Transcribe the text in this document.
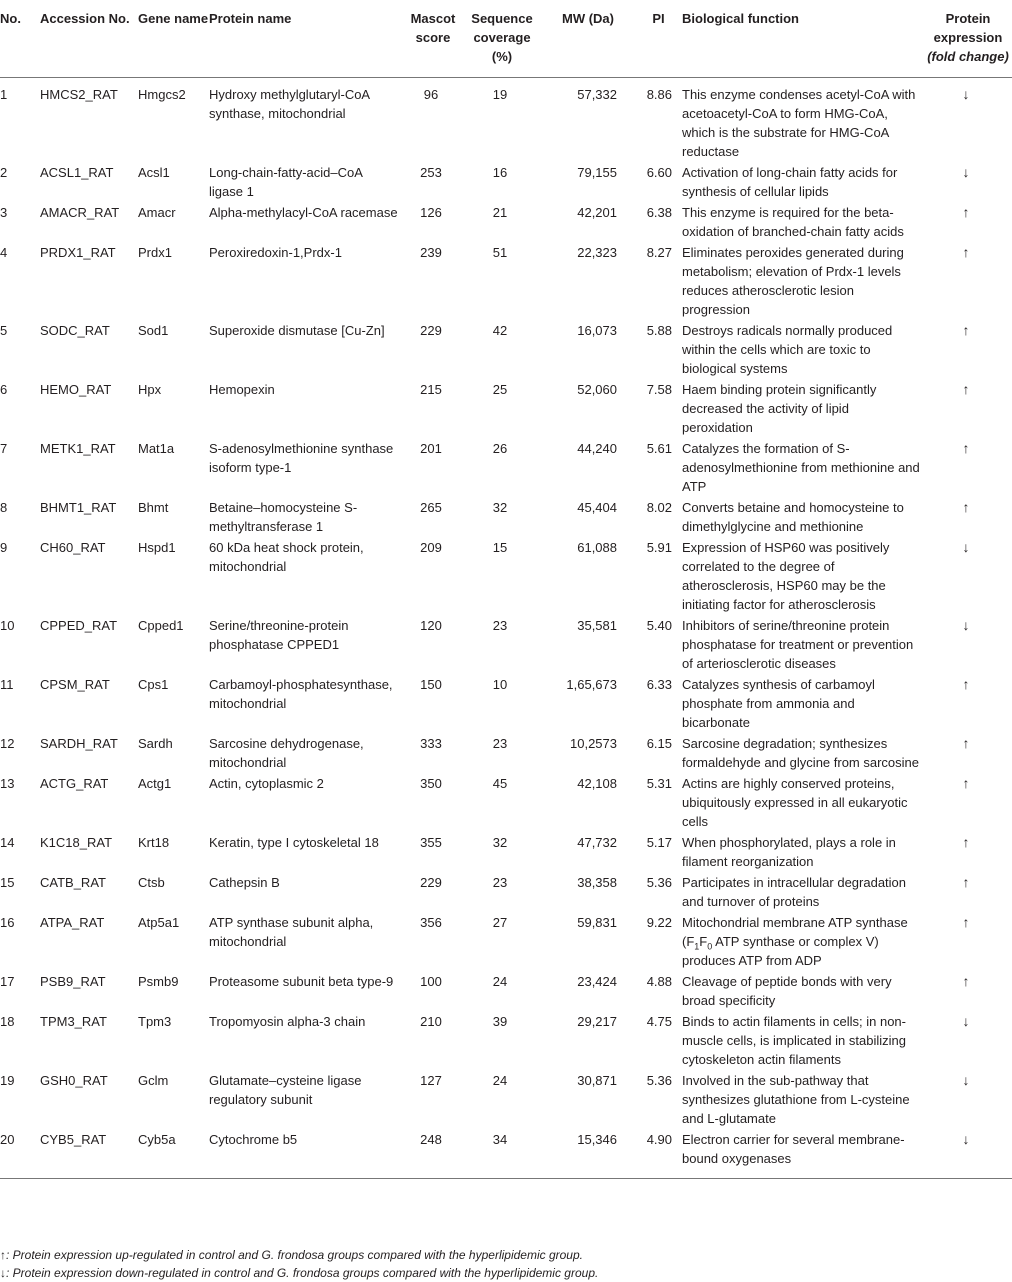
No.	Accession No.	Gene name	Protein name	Mascot score	Sequence coverage (%)	MW (Da)	PI	Biological function	Protein expression
(fold change)
1	HMCS2_RAT	Hmgcs2	Hydroxy methylglutaryl-CoA synthase, mitochondrial	96	19	57,332	8.86	This enzyme condenses acetyl-CoA with acetoacetyl-CoA to form HMG-CoA, which is the substrate for HMG-CoA reductase	↓
2	ACSL1_RAT	Acsl1	Long-chain-fatty-acid–CoA ligase 1	253	16	79,155	6.60	Activation of long-chain fatty acids for synthesis of cellular lipids	↓
3	AMACR_RAT	Amacr	Alpha-methylacyl-CoA racemase	126	21	42,201	6.38	This enzyme is required for the beta-oxidation of branched-chain fatty acids	↑
4	PRDX1_RAT	Prdx1	Peroxiredoxin-1,Prdx-1	239	51	22,323	8.27	Eliminates peroxides generated during metabolism; elevation of Prdx-1 levels reduces atherosclerotic lesion progression	↑
5	SODC_RAT	Sod1	Superoxide dismutase [Cu-Zn]	229	42	16,073	5.88	Destroys radicals normally produced within the cells which are toxic to biological systems	↑
6	HEMO_RAT	Hpx	Hemopexin	215	25	52,060	7.58	Haem binding protein significantly decreased the activity of lipid peroxidation	↑
7	METK1_RAT	Mat1a	S-adenosylmethionine synthase isoform type-1	201	26	44,240	5.61	Catalyzes the formation of S-adenosylmethionine from methionine and ATP	↑
8	BHMT1_RAT	Bhmt	Betaine–homocysteine S-methyltransferase 1	265	32	45,404	8.02	Converts betaine and homocysteine to dimethylglycine and methionine	↑
9	CH60_RAT	Hspd1	60 kDa heat shock protein, mitochondrial	209	15	61,088	5.91	Expression of HSP60 was positively correlated to the degree of atherosclerosis, HSP60 may be the initiating factor for atherosclerosis	↓
10	CPPED_RAT	Cpped1	Serine/threonine-protein phosphatase CPPED1	120	23	35,581	5.40	Inhibitors of serine/threonine protein phosphatase for treatment or prevention of arteriosclerotic diseases	↓
11	CPSM_RAT	Cps1	Carbamoyl-phosphatesynthase, mitochondrial	150	10	1,65,673	6.33	Catalyzes synthesis of carbamoyl phosphate from ammonia and bicarbonate	↑
12	SARDH_RAT	Sardh	Sarcosine dehydrogenase, mitochondrial	333	23	10,2573	6.15	Sarcosine degradation; synthesizes formaldehyde and glycine from sarcosine	↑
13	ACTG_RAT	Actg1	Actin, cytoplasmic 2	350	45	42,108	5.31	Actins are highly conserved proteins, ubiquitously expressed in all eukaryotic cells	↑
14	K1C18_RAT	Krt18	Keratin, type I cytoskeletal 18	355	32	47,732	5.17	When phosphorylated, plays a role in filament reorganization	↑
15	CATB_RAT	Ctsb	Cathepsin B	229	23	38,358	5.36	Participates in intracellular degradation and turnover of proteins	↑
16	ATPA_RAT	Atp5a1	ATP synthase subunit alpha, mitochondrial	356	27	59,831	9.22	Mitochondrial membrane ATP synthase ($F_1F_0$ ATP synthase or complex V) produces ATP from ADP	↑
17	PSB9_RAT	Psmb9	Proteasome subunit beta type-9	100	24	23,424	4.88	Cleavage of peptide bonds with very broad specificity	↑
18	TPM3_RAT	Tpm3	Tropomyosin alpha-3 chain	210	39	29,217	4.75	Binds to actin filaments in cells; in non-muscle cells, is implicated in stabilizing cytoskeleton actin filaments	↓
19	GSH0_RAT	Gclm	Glutamate–cysteine ligase regulatory subunit	127	24	30,871	5.36	Involved in the sub-pathway that synthesizes glutathione from L-cysteine and L-glutamate	↓
20	CYB5_RAT	Cyb5a	Cytochrome b5	248	34	15,346	4.90	Electron carrier for several membrane-bound oxygenases	↓
↑: Protein expression up-regulated in control and G. frondosa groups compared with the hyperlipidemic group.
↓: Protein expression down-regulated in control and G. frondosa groups compared with the hyperlipidemic group.
